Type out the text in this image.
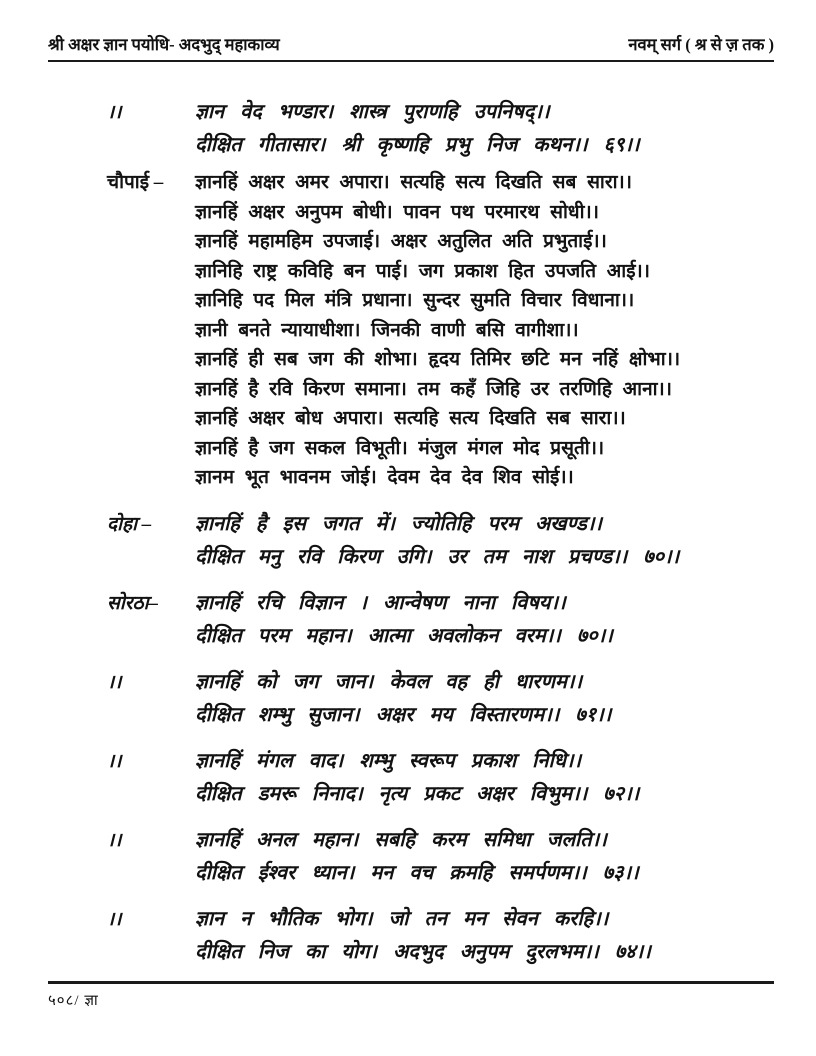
श्री अक्षर ज्ञान पयोधि- अदभुद् महाकाव्य	नवम् सर्ग ( श्र से ज़ तक )
।।	ज्ञान वेद भण्डार। शास्त्र पुराणहि उपनिषद्।।
दीक्षित गीतासार। श्री कृष्णहि प्रभु निज कथन।। ६९।।
चौपाई –	ज्ञानहिं अक्षर अमर अपारा। सत्यहि सत्य दिखति सब सारा।।
ज्ञानहिं अक्षर अनुपम बोधी। पावन पथ परमारथ सोधी।।
ज्ञानहिं महामहिम उपजाई। अक्षर अतुलित अति प्रभुताई।।
ज्ञानिहि राष्ट्र कविहि बन पाई। जग प्रकाश हित उपजति आई।।
ज्ञानिहि पद मिल मंत्रि प्रधाना। सुन्दर सुमति विचार विधाना।।
ज्ञानी बनते न्यायाधीशा। जिनकी वाणी बसि वागीशा।।
ज्ञानहिं ही सब जग की शोभा। हृदय तिमिर छटि मन नहिं क्षोभा।।
ज्ञानहिं है रवि किरण समाना। तम कहँ जिहि उर तरणिहि आना।।
ज्ञानहिं अक्षर बोध अपारा। सत्यहि सत्य दिखति सब सारा।।
ज्ञानहिं है जग सकल विभूती। मंजुल मंगल मोद प्रसूती।।
ज्ञानम भूत भावनम जोई। देवम देव देव शिव सोई।।
दोहा –	ज्ञानहिं है इस जगत में। ज्योतिहि परम अखण्ड।।
दीक्षित मनु रवि किरण उगि। उर तम नाश प्रचण्ड।। ७०।।
सोरठा–	ज्ञानहिं रचि विज्ञान । आन्वेषण नाना विषय।।
दीक्षित परम महान। आत्मा अवलोकन वरम।। ७०।।
।।	ज्ञानहिं को जग जान। केवल वह ही धारणम।।
दीक्षित शम्भु सुजान। अक्षर मय विस्तारणम।। ७१।।
।।	ज्ञानहिं मंगल वाद। शम्भु स्वरूप प्रकाश निधि।।
दीक्षित डमरू निनाद। नृत्य प्रकट अक्षर विभुम।। ७२।।
।।	ज्ञानहिं अनल महान। सबहि करम समिधा जलति।।
दीक्षित ईश्वर ध्यान। मन वच क्रमहि समर्पणम।। ७३।।
।।	ज्ञान न भौतिक भोग। जो तन मन सेवन करहि।।
दीक्षित निज का योग। अदभुद अनुपम दुरलभम।। ७४।।
५०८/ ज्ञा
